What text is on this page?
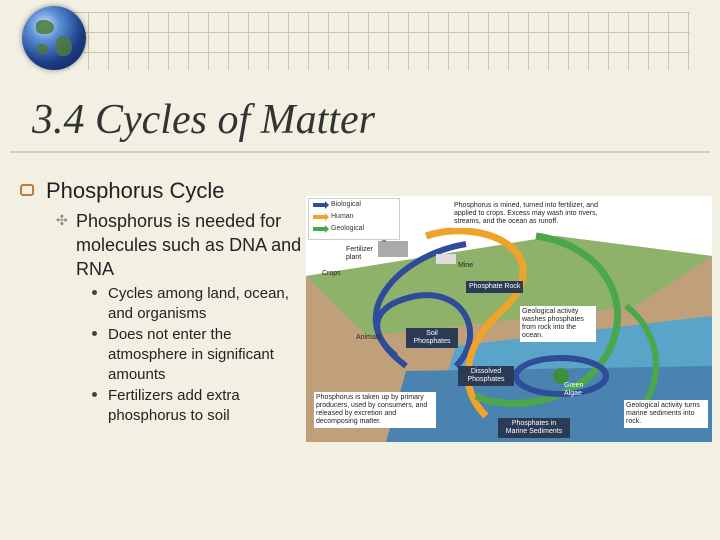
3.4 Cycles of Matter
Phosphorus Cycle
✣ Phosphorus is needed for molecules such as DNA and RNA
Cycles among land, ocean, and organisms
Does not enter the atmosphere in significant amounts
Fertilizers add extra phosphorus to soil
Biological
Human
Geological
Phosphorus is mined, turned into fertilizer, and applied to crops. Excess may wash into rivers, streams, and the ocean as runoff.
Fertilizer plant
Crops
Mine
Phosphate Rock
Geological activity washes phosphates from rock into the ocean.
Animals
Soil Phosphates
Dissolved Phosphates
Green Algae
Phosphorus is taken up by primary producers, used by consumers, and released by excretion and decomposing matter.	Phosphates in Marine Sediments
Geological activity turns marine sediments into rock.
